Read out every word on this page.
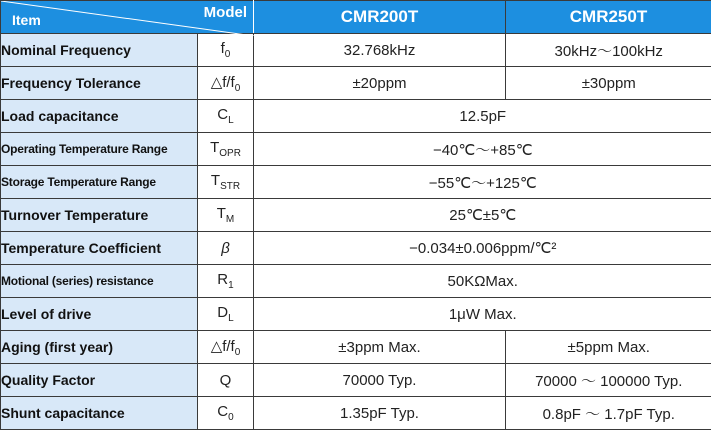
Item Model		CMR200T	CMR250T
Nominal Frequency	$f_0$	32.768kHz	30kHz～100kHz
Frequency Tolerance	$\triangle f/f_0$	±20ppm	±30ppm
Load capacitance	$C_L$	12.5pF	
Operating Temperature Range	$T_{OPR}$	−40℃～+85℃	
Storage Temperature Range	$T_{STR}$	−55℃～+125℃	
Turnover Temperature	$T_M$	25℃±5℃	
Temperature Coefficient	β	−0.034±0.006ppm/℃²	
Motional (series) resistance	$R_1$	50KΩMax.	
Level of drive	$D_L$	1μW Max.	
Aging (first year)	$\triangle f/f_0$	±3ppm Max.	±5ppm Max.
Quality Factor	Q	70000 Typ.	70000 ～ 100000 Typ.
Shunt capacitance	$C_0$	1.35pF Typ.	0.8pF ～ 1.7pF Typ.
